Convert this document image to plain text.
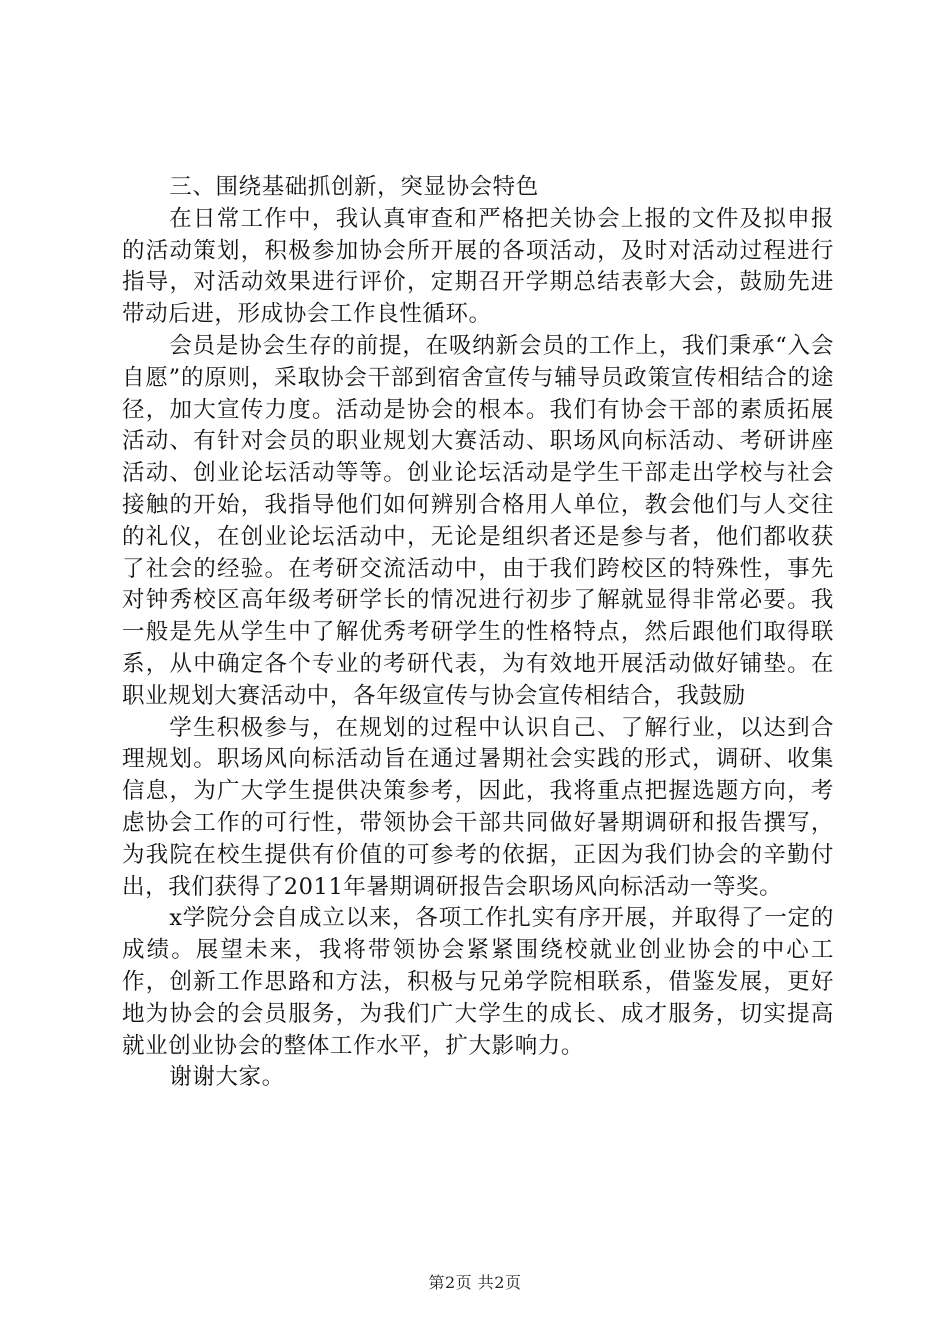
三、围绕基础抓创新，突显协会特色

在日常工作中，我认真审查和严格把关协会上报的文件及拟申报的活动策划，积极参加协会所开展的各项活动，及时对活动过程进行指导，对活动效果进行评价，定期召开学期总结表彰大会，鼓励先进带动后进，形成协会工作良性循环。

会员是协会生存的前提，在吸纳新会员的工作上，我们秉承“入会自愿”的原则，采取协会干部到宿舍宣传与辅导员政策宣传相结合的途径，加大宣传力度。活动是协会的根本。我们有协会干部的素质拓展活动、有针对会员的职业规划大赛活动、职场风向标活动、考研讲座活动、创业论坛活动等等。创业论坛活动是学生干部走出学校与社会接触的开始，我指导他们如何辨别合格用人单位，教会他们与人交往的礼仪，在创业论坛活动中，无论是组织者还是参与者，他们都收获了社会的经验。在考研交流活动中，由于我们跨校区的特殊性，事先对钟秀校区高年级考研学长的情况进行初步了解就显得非常必要。我一般是先从学生中了解优秀考研学生的性格特点，然后跟他们取得联系，从中确定各个专业的考研代表，为有效地开展活动做好铺垫。在职业规划大赛活动中，各年级宣传与协会宣传相结合，我鼓励

学生积极参与，在规划的过程中认识自己、了解行业，以达到合理规划。职场风向标活动旨在通过暑期社会实践的形式，调研、收集信息，为广大学生提供决策参考，因此，我将重点把握选题方向，考虑协会工作的可行性，带领协会干部共同做好暑期调研和报告撰写，为我院在校生提供有价值的可参考的依据，正因为我们协会的辛勤付出，我们获得了2011年暑期调研报告会职场风向标活动一等奖。

x学院分会自成立以来，各项工作扎实有序开展，并取得了一定的成绩。展望未来，我将带领协会紧紧围绕校就业创业协会的中心工作，创新工作思路和方法，积极与兄弟学院相联系，借鉴发展，更好地为协会的会员服务，为我们广大学生的成长、成才服务，切实提高就业创业协会的整体工作水平，扩大影响力。

谢谢大家。

第2页 共2页
